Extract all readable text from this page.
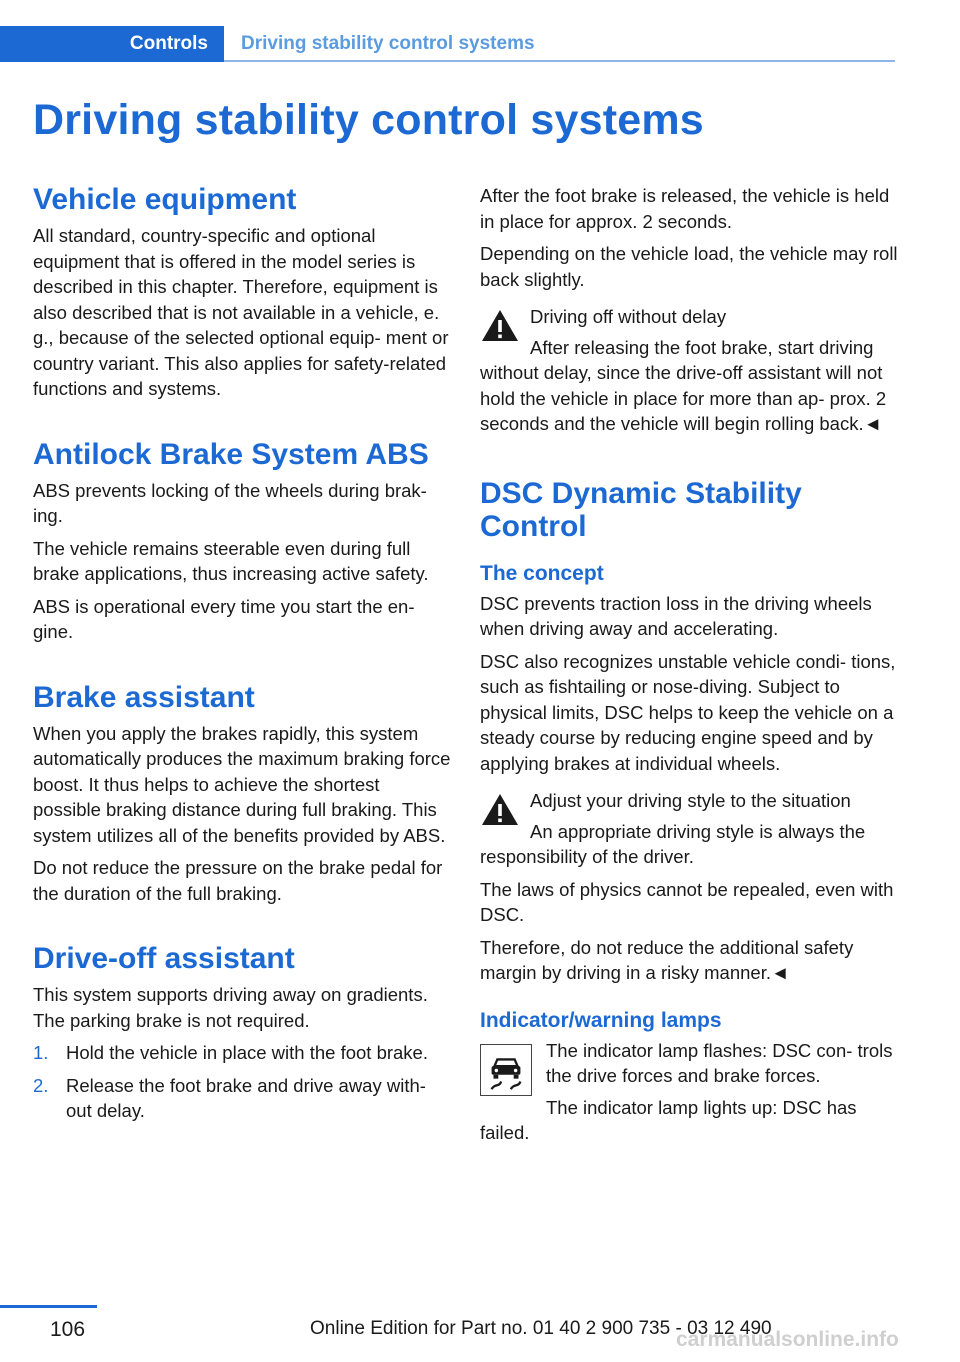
Controls	Driving stability control systems
Driving stability control systems
Vehicle equipment

All standard, country-specific and optional equipment that is offered in the model series is described in this chapter. Therefore, equipment is also described that is not available in a vehicle, e. g., because of the selected optional equip- ment or country variant. This also applies for safety-related functions and systems.

Antilock Brake System ABS

ABS prevents locking of the wheels during brak- ing.

The vehicle remains steerable even during full brake applications, thus increasing active safety.

ABS is operational every time you start the en- gine.

Brake assistant

When you apply the brakes rapidly, this system automatically produces the maximum braking force boost. It thus helps to achieve the shortest possible braking distance during full braking. This system utilizes all of the benefits provided by ABS.

Do not reduce the pressure on the brake pedal for the duration of the full braking.

Drive-off assistant

This system supports driving away on gradients. The parking brake is not required.

1. Hold the vehicle in place with the foot brake.
2. Release the foot brake and drive away with- out delay.

After the foot brake is released, the vehicle is held in place for approx. 2 seconds.

Depending on the vehicle load, the vehicle may roll back slightly.

Driving off without delay

After releasing the foot brake, start driving without delay, since the drive-off assistant will not hold the vehicle in place for more than ap- prox. 2 seconds and the vehicle will begin rolling back.◄

DSC Dynamic Stability Control
The concept

DSC prevents traction loss in the driving wheels when driving away and accelerating.

DSC also recognizes unstable vehicle condi- tions, such as fishtailing or nose-diving. Subject to physical limits, DSC helps to keep the vehicle on a steady course by reducing engine speed and by applying brakes at individual wheels.

Adjust your driving style to the situation

An appropriate driving style is always the responsibility of the driver.

The laws of physics cannot be repealed, even with DSC.

Therefore, do not reduce the additional safety margin by driving in a risky manner.◄

Indicator/warning lamps

The indicator lamp flashes: DSC con- trols the drive forces and brake forces.

The indicator lamp lights up: DSC has failed.

106	Online Edition for Part no. 01 40 2 900 735 - 03 12 490
carmanualsonline.info
